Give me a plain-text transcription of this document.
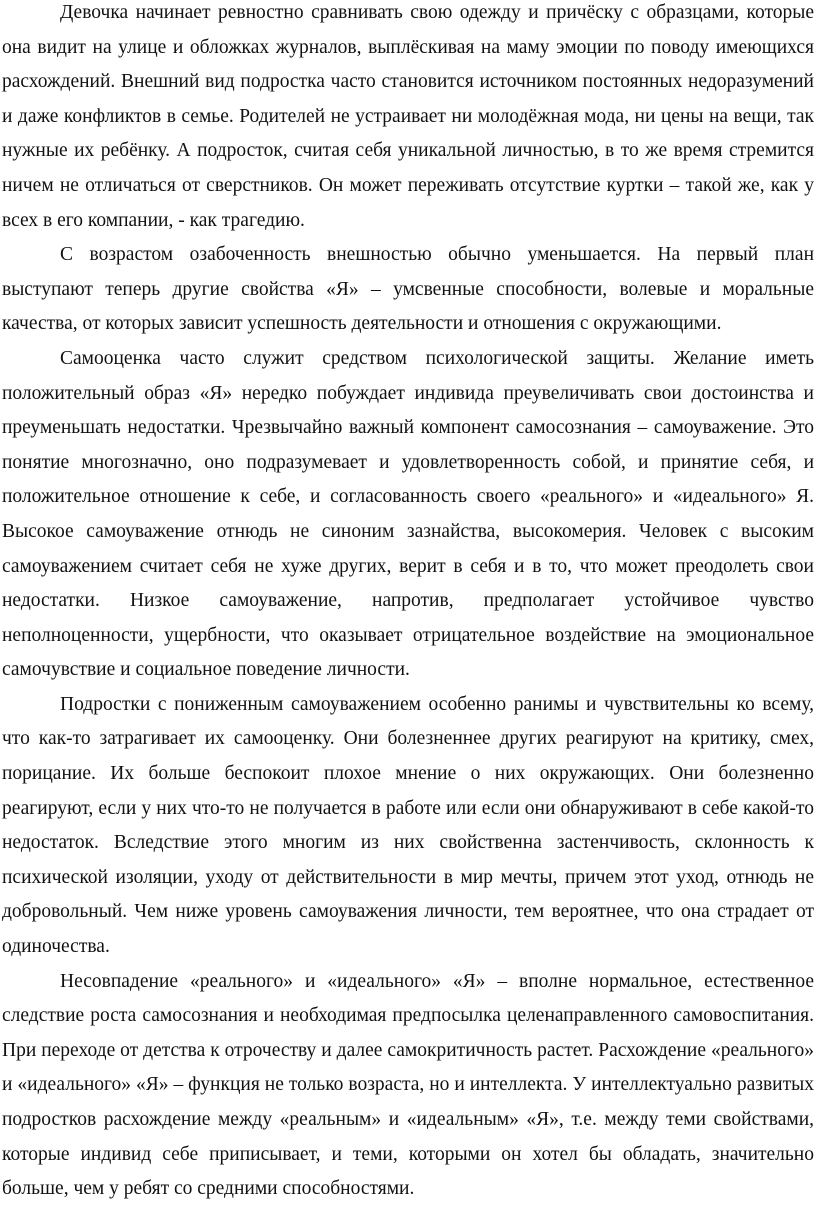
Девочка начинает ревностно сравнивать свою одежду и причёску с образцами, которые она видит на улице и обложках журналов, выплёскивая на маму эмоции по поводу имеющихся расхождений. Внешний вид подростка часто становится источником постоянных недоразумений и даже конфликтов в семье. Родителей не устраивает ни молодёжная мода, ни цены на вещи, так нужные их ребёнку. А подросток, считая себя уникальной личностью, в то же время стремится ничем не отличаться от сверстников. Он может переживать отсутствие куртки – такой же, как у всех в его компании, - как трагедию.

С возрастом озабоченность внешностью обычно уменьшается. На первый план выступают теперь другие свойства «Я» – умсвенные способности, волевые и моральные качества, от которых зависит успешность деятельности и отношения с окружающими.

Самооценка часто служит средством психологической защиты. Желание иметь положительный образ «Я» нередко побуждает индивида преувеличивать свои достоинства и преуменьшать недостатки. Чрезвычайно важный компонент самосознания – самоуважение. Это понятие многозначно, оно подразумевает и удовлетворенность собой, и принятие себя, и положительное отношение к себе, и согласованность своего «реального» и «идеального» Я. Высокое самоуважение отнюдь не синоним зазнайства, высокомерия. Человек с высоким самоуважением считает себя не хуже других, верит в себя и в то, что может преодолеть свои недостатки. Низкое самоуважение, напротив, предполагает устойчивое чувство неполноценности, ущербности, что оказывает отрицательное воздействие на эмоциональное самочувствие и социальное поведение личности.

Подростки с пониженным самоуважением особенно ранимы и чувствительны ко всему, что как-то затрагивает их самооценку. Они болезненнее других реагируют на критику, смех, порицание. Их больше беспокоит плохое мнение о них окружающих. Они болезненно реагируют, если у них что-то не получается в работе или если они обнаруживают в себе какой-то недостаток. Вследствие этого многим из них свойственна застенчивость, склонность к психической изоляции, уходу от действительности в мир мечты, причем этот уход, отнюдь не добровольный. Чем ниже уровень самоуважения личности, тем вероятнее, что она страдает от одиночества.

Несовпадение «реального» и «идеального» «Я» – вполне нормальное, естественное следствие роста самосознания и необходимая предпосылка целенаправленного самовоспитания. При переходе от детства к отрочеству и далее самокритичность растет. Расхождение «реального» и «идеального» «Я» – функция не только возраста, но и интеллекта. У интеллектуально развитых подростков расхождение между «реальным» и «идеальным» «Я», т.е. между теми свойствами, которые индивид себе приписывает, и теми, которыми он хотел бы обладать, значительно больше, чем у ребят со средними способностями.
